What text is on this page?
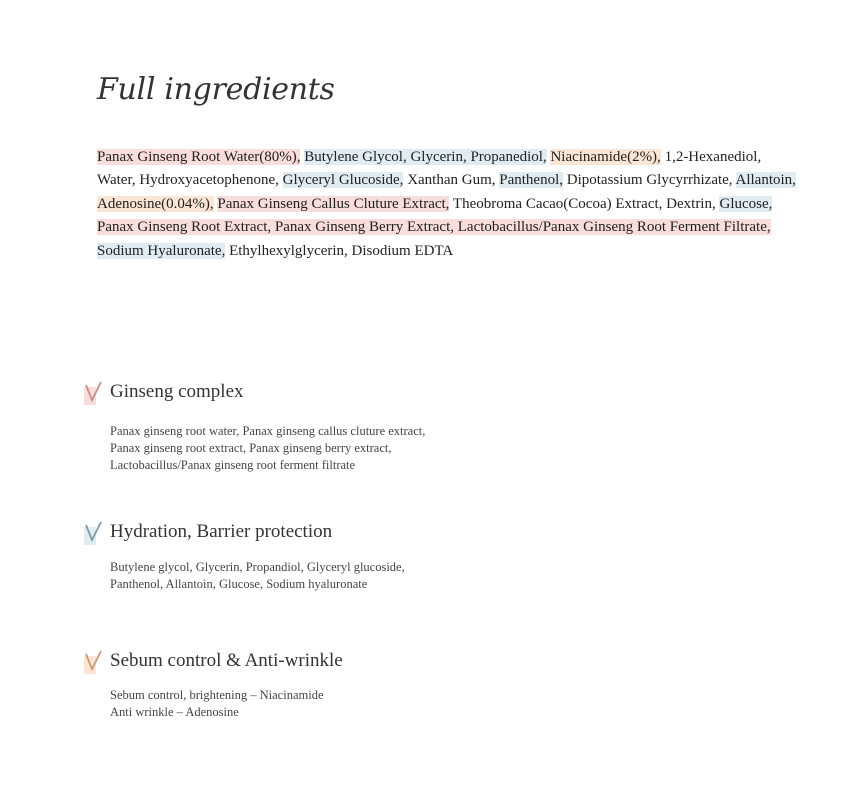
Full ingredients
Panax Ginseng Root Water(80%), Butylene Glycol, Glycerin, Propanediol, Niacinamide(2%), 1,2-Hexanediol, Water, Hydroxyacetophenone, Glyceryl Glucoside, Xanthan Gum, Panthenol, Dipotassium Glycyrrhizate, Allantoin, Adenosine(0.04%), Panax Ginseng Callus Cluture Extract, Theobroma Cacao(Cocoa) Extract, Dextrin, Glucose, Panax Ginseng Root Extract, Panax Ginseng Berry Extract, Lactobacillus/Panax Ginseng Root Ferment Filtrate, Sodium Hyaluronate, Ethylhexylglycerin, Disodium EDTA
Ginseng complex
Panax ginseng root water, Panax ginseng callus cluture extract,
Panax ginseng root extract, Panax ginseng berry extract,
Lactobacillus/Panax ginseng root ferment filtrate
Hydration, Barrier protection
Butylene glycol, Glycerin, Propandiol, Glyceryl glucoside,
Panthenol, Allantoin, Glucose, Sodium hyaluronate
Sebum control & Anti-wrinkle
Sebum control, brightening – Niacinamide
Anti wrinkle – Adenosine
